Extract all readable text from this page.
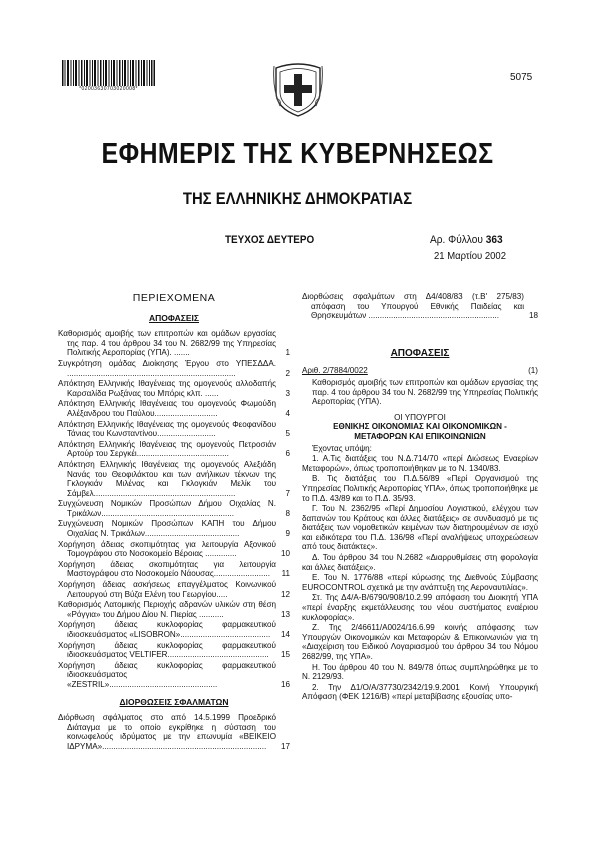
*02003630703020008*
5075
ΕΦΗΜΕΡΙΣ ΤΗΣ ΚΥΒΕΡΝΗΣΕΩΣ
ΤΗΣ ΕΛΛΗΝΙΚΗΣ ΔΗΜΟΚΡΑΤΙΑΣ
ΤΕΥΧΟΣ ΔΕΥΤΕΡΟ	Αρ. Φύλλου 363
21 Μαρτίου 2002
ΠΕΡΙΕΧΟΜΕΝΑ
ΑΠΟΦΑΣΕΙΣ
Καθορισμός αμοιβής των επιτροπών και ομάδων εργασίας της παρ. 4 του άρθρου 34 του Ν. 2682/99 της Υπηρεσίας Πολιτικής Αεροπορίας (ΥΠΑ). .......	1
Συγκρότηση ομάδας Διοίκησης Έργου στο ΥΠΕΣΔΔΑ. ...........................................................................	2
Απόκτηση Ελληνικής Ιθαγένειας της ομογενούς αλλοδαπής Καρσαλίδα Ρωξάνας του Μπόρις κλπ. ......	3
Απόκτηση Ελληνικής Ιθαγένειας του ομογενούς Φωμούδη Αλέξανδρου του Παύλου............................	4
Απόκτηση Ελληνικής Ιθαγένειας της ομογενούς Φεοφανίδου Τάνιας του Κωνσταντίνου..........................	5
Απόκτηση Ελληνικής Ιθαγένειας της ομογενούς Πετροσιάν Αρτούρ του Σεργκέι.........................................	6
Απόκτηση Ελληνικής Ιθαγένειας της ομογενούς Αλεξιάδη Νανάς του Θεοφιλάκτου και των ανήλικων τέκνων της Γκλογκιάν Μιλένας και Γκλογκιάν Μελίκ του Σάμβελ...............................................................	7
Συγχώνευση Νομικών Προσώπων Δήμου Οιχαλίας Ν. Τρικάλων...........................................................	8
Συγχώνευση Νομικών Προσώπων ΚΑΠΗ του Δήμου Οιχαλίας Ν. Τρικάλων..........................................	9
Χορήγηση άδειας σκοπιμότητας για λειτουργία Αξονικού Τομογράφου στο Νοσοκομείο Βέροιας ..............	10
Χορήγηση άδειας σκοπιμότητας για λειτουργία Μαστογράφου στο Νοσοκομείο Νάουσας.........................	11
Χορήγηση άδειας ασκήσεως επαγγέλματος Κοινωνικού Λειτουργού στη Βύζα Ελένη του Γεωργίου.....	12
Καθορισμός Λατομικής Περιοχής αδρανών υλικών στη θέση «Ρόγγια» του Δήμου Δίου Ν. Πιερίας ...........	13
Χορήγηση άδειας κυκλοφορίας φαρμακευτικού ιδιοσκευάσματος «LISOBRON»........................................	14
Χορήγηση άδειας κυκλοφορίας φαρμακευτικού ιδιοσκευάσματος VELTIFER.............................................	15
Χορήγηση άδειας κυκλοφορίας φαρμακευτικού ιδιοσκευάσματος «ZESTRIL»................................................	16
ΔΙΟΡΘΩΣΕΙΣ ΣΦΑΛΜΑΤΩΝ
Διόρθωση σφάλματος στο από 14.5.1999 Προεδρικό Διάταγμα με το οποίο εγκρίθηκε η σύσταση του κοινωφελούς ιδρύματος με την επωνυμία «ΒΕΙΚΕΙΟ ΙΔΡΥΜΑ».........................................................................	17
Διορθώσεις σφαλμάτων στη Δ4/408/83 (τ.Β' 275/83) απόφαση του Υπουργού Εθνικής Παιδείας και Θρησκευμάτων ..........................................................	18
ΑΠΟΦΑΣΕΙΣ
Αριθ. 2/7884/0022	(1)
Καθορισμός αμοιβής των επιτροπών και ομάδων εργασίας της παρ. 4 του άρθρου 34 του Ν. 2682/99 της Υπηρεσίας Πολιτικής Αεροπορίας (ΥΠΑ).
ΟΙ ΥΠΟΥΡΓΟΙ
ΕΘΝΙΚΗΣ ΟΙΚΟΝΟΜΙΑΣ ΚΑΙ ΟΙΚΟΝΟΜΙΚΩΝ -
ΜΕΤΑΦΟΡΩΝ ΚΑΙ ΕΠΙΚΟΙΝΩΝΙΩΝ
Έχοντας υπόψη:
1. Α.Τις διατάξεις του Ν.Δ.714/70 «περί Διώσεως Εναερίων Μεταφορών», όπως τροποποιήθηκαν με το Ν. 1340/83.
Β. Τις διατάξεις του Π.Δ.56/89 «Περί Οργανισμού της Υπηρεσίας Πολιτικής Αεροπορίας ΥΠΑ», όπως τροποποιήθηκε με το Π.Δ. 43/89 και το Π.Δ. 35/93.
Γ. Του Ν. 2362/95 «Περί Δημοσίου Λογιστικού, ελέγχου των δαπανών του Κράτους και άλλες διατάξεις» σε συνδυασμό με τις διατάξεις των νομοθετικών κειμένων των διατηρουμένων σε ισχύ και ειδικότερα του Π.Δ. 136/98 «Περί αναλήψεως υποχρεώσεων από τους διατάκτες».
Δ. Του άρθρου 34 του Ν.2682 «Διαρρυθμίσεις στη φορολογία και άλλες διατάξεις».
Ε. Του Ν. 1776/88 «περί κύρωσης της Διεθνούς Σύμβασης EUROCONTROL σχετικά με την ανάπτυξη της Αεροναυτιλίας».
Στ. Της Δ4/Α-Β/6790/908/10.2.99 απόφαση του Διοικητή ΥΠΑ «περί έναρξης εκμετάλλευσης του νέου συστήματος εναέριου κυκλοφορίας».
Ζ. Της 2/46611/Α0024/16.6.99 κοινής απόφασης των Υπουργών Οικονομικών και Μεταφορών & Επικοινωνιών για τη «Διαχείριση του Ειδικού Λογαριασμού του άρθρου 34 του Νόμου 2682/99, της ΥΠΑ».
Η. Του άρθρου 40 του Ν. 849/78 όπως συμπληρώθηκε με το Ν. 2129/93.
2. Την Δ1/Ο/Α/37730/2342/19.9.2001 Κοινή Υπουργική Απόφαση (ΦΕΚ 1216/Β) «περί μεταβίβασης εξουσίας υπο-
